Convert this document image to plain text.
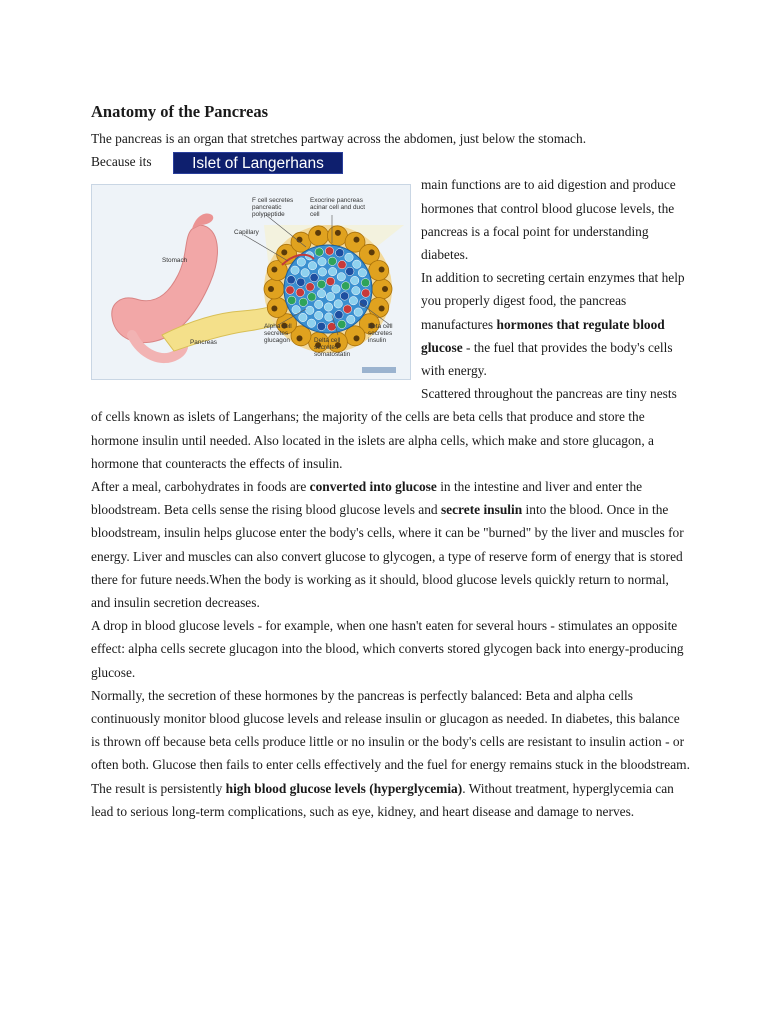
Anatomy of the Pancreas

The pancreas is an organ that stretches partway across the abdomen, just below the stomach.

Because its	Islet of Langerhans
F cell secretes pancreatic polypeptide
Exocrine pancreas acinar cell and duct cell
Capillary
Stomach
Alpha cell secretes glucagon	Delta cell secretes somatostatin
Beta cell secretes insulin
Pancreas

main functions are to aid digestion and produce hormones that control blood glucose levels, the pancreas is a focal point for understanding diabetes.

In addition to secreting certain enzymes that help you properly digest food, the pancreas manufactures hormones that regulate blood glucose - the fuel that provides the body's cells with energy.

Scattered throughout the pancreas are tiny nests of cells known as islets of Langerhans; the majority of the cells are beta cells that produce and store the hormone insulin until needed. Also located in the islets are alpha cells, which make and store glucagon, a hormone that counteracts the effects of insulin.

After a meal, carbohydrates in foods are converted into glucose in the intestine and liver and enter the bloodstream. Beta cells sense the rising blood glucose levels and secrete insulin into the blood. Once in the bloodstream, insulin helps glucose enter the body's cells, where it can be "burned" by the liver and muscles for energy. Liver and muscles can also convert glucose to glycogen, a type of reserve form of energy that is stored there for future needs.When the body is working as it should, blood glucose levels quickly return to normal, and insulin secretion decreases.

A drop in blood glucose levels - for example, when one hasn't eaten for several hours - stimulates an opposite effect: alpha cells secrete glucagon into the blood, which converts stored glycogen back into energy-producing glucose.

Normally, the secretion of these hormones by the pancreas is perfectly balanced: Beta and alpha cells continuously monitor blood glucose levels and release insulin or glucagon as needed. In diabetes, this balance is thrown off because beta cells produce little or no insulin or the body's cells are resistant to insulin action - or often both. Glucose then fails to enter cells effectively and the fuel for energy remains stuck in the bloodstream. The result is persistently high blood glucose levels (hyperglycemia). Without treatment, hyperglycemia can lead to serious long-term complications, such as eye, kidney, and heart disease and damage to nerves.
